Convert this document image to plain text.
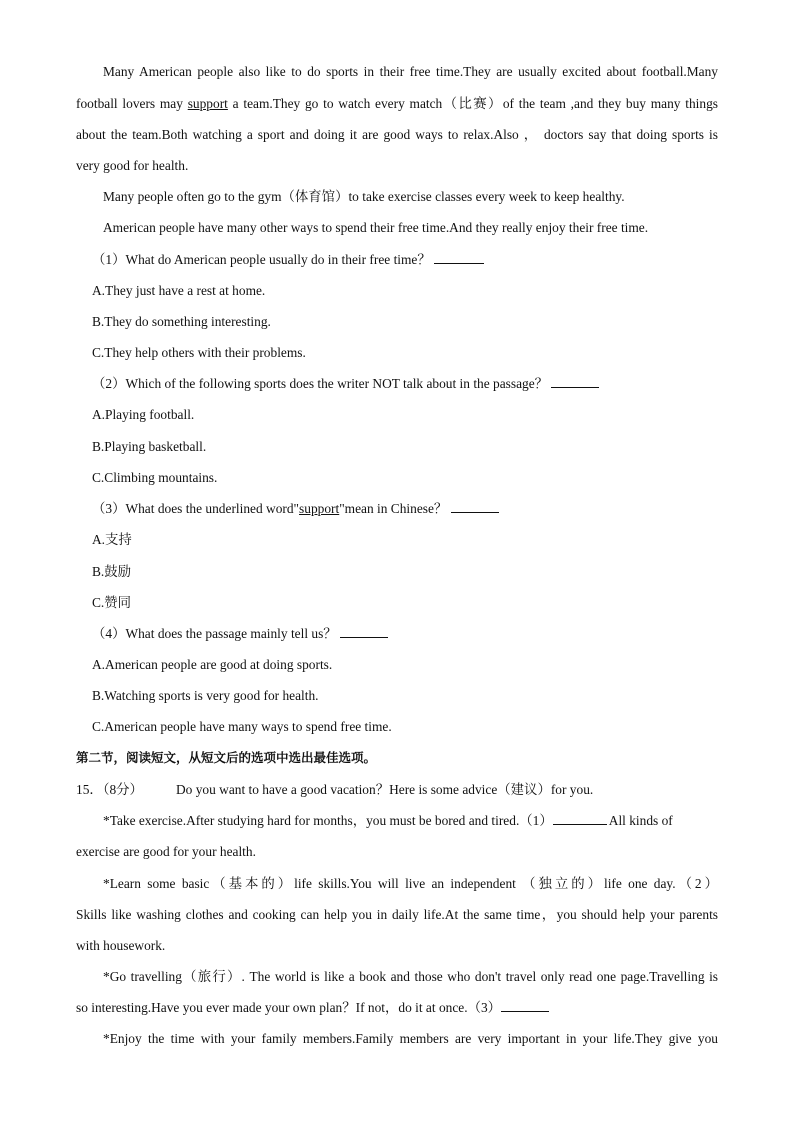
Many American people also like to do sports in their free time.They are usually excited about football.Many
football lovers may support a team.They go to watch every match（比赛）of the team ,and they buy many things
about the team.Both watching a sport and doing it are good ways to relax.Also ， doctors say that doing sports is
very good for health.
Many people often go to the gym（体育馆）to take exercise classes every week to keep healthy.
American people have many other ways to spend their free time.And they really enjoy their free time.
（1）What do American people usually do in their free time？
A.They just have a rest at home.
B.They do something interesting.
C.They help others with their problems.
（2）Which of the following sports does the writer NOT talk about in the passage？
A.Playing football.
B.Playing basketball.
C.Climbing mountains.
（3）What does the underlined word"support"mean in Chinese？
A.支持
B.鼓励
C.赞同
（4）What does the passage mainly tell us？
A.American people are good at doing sports.
B.Watching sports is very good for health.
C.American people have many ways to spend free time.
第二节，阅读短文，从短文后的选项中选出最佳选项。
15．（8分） Do you want to have a good vacation？Here is some advice（建议）for you.
*Take exercise.After studying hard for months，you must be bored and tired.（1）	All kinds of
exercise are good for your health.
*Learn some basic（基本的）life skills.You will live an independent （独立的）life one day.（2）
Skills like washing clothes and cooking can help you in daily life.At the same time，you should help your parents
with housework.
*Go travelling（旅行）. The world is like a book and those who don't travel only read one page.Travelling is
so interesting.Have you ever made your own plan？If not，do it at once.（3）
*Enjoy the time with your family members.Family members are very important in your life.They give you
